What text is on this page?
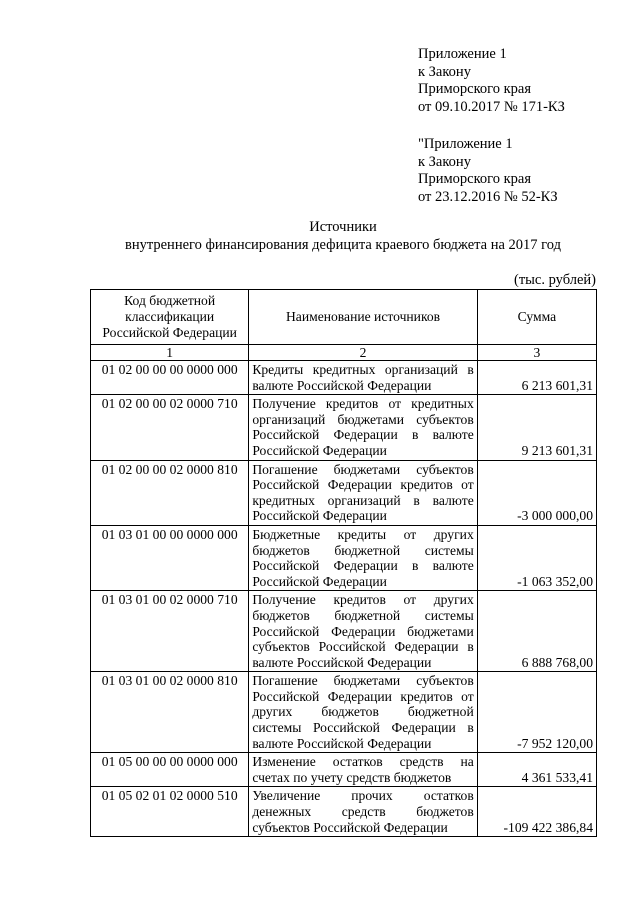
Приложение 1
к Закону
Приморского края
от 09.10.2017 № 171-КЗ
"Приложение 1
к Закону
Приморского края
от 23.12.2016 № 52-КЗ
Источники
внутреннего финансирования дефицита краевого бюджета на 2017 год
(тыс. рублей)
Код бюджетной классификации Российской Федерации	Наименование источников	Сумма
1	2	3
01 02 00 00 00 0000 000	Кредиты кредитных организаций в валюте Российской Федерации	6 213 601,31
01 02 00 00 02 0000 710	Получение кредитов от кредитных организаций бюджетами субъектов Российской Федерации в валюте Российской Федерации	9 213 601,31
01 02 00 00 02 0000 810	Погашение бюджетами субъектов Российской Федерации кредитов от кредитных организаций в валюте Российской Федерации	-3 000 000,00
01 03 01 00 00 0000 000	Бюджетные кредиты от других бюджетов бюджетной системы Российской Федерации в валюте Российской Федерации	-1 063 352,00
01 03 01 00 02 0000 710	Получение кредитов от других бюджетов бюджетной системы Российской Федерации бюджетами субъектов Российской Федерации в валюте Российской Федерации	6 888 768,00
01 03 01 00 02 0000 810	Погашение бюджетами субъектов Российской Федерации кредитов от других бюджетов бюджетной системы Российской Федерации в валюте Российской Федерации	-7 952 120,00
01 05 00 00 00 0000 000	Изменение остатков средств на счетах по учету средств бюджетов	4 361 533,41
01 05 02 01 02 0000 510	Увеличение прочих остатков денежных средств бюджетов субъектов Российской Федерации	-109 422 386,84
